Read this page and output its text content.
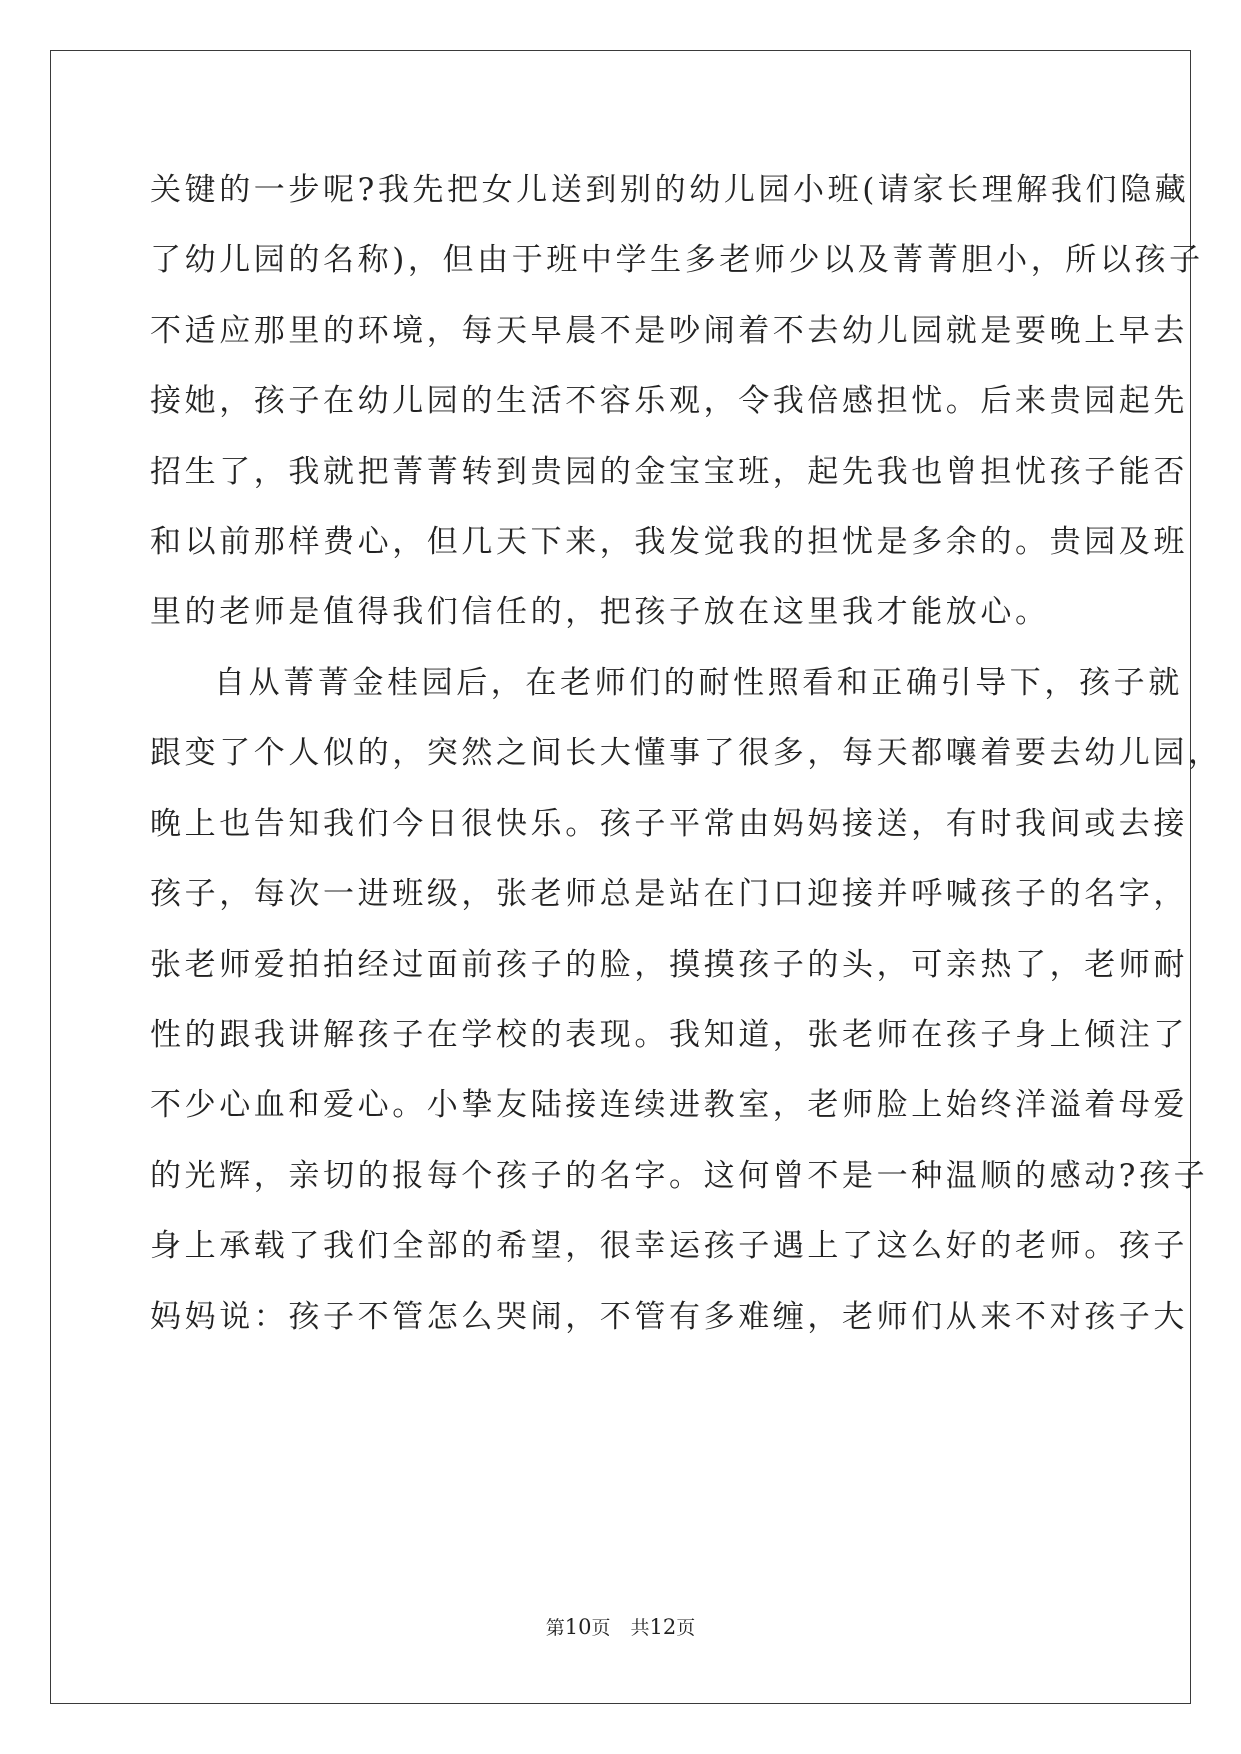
关键的一步呢?我先把女儿送到别的幼儿园小班(请家长理解我们隐藏
了幼儿园的名称)，但由于班中学生多老师少以及菁菁胆小，所以孩子
不适应那里的环境，每天早晨不是吵闹着不去幼儿园就是要晚上早去
接她，孩子在幼儿园的生活不容乐观，令我倍感担忧。后来贵园起先
招生了，我就把菁菁转到贵园的金宝宝班，起先我也曾担忧孩子能否
和以前那样费心，但几天下来，我发觉我的担忧是多余的。贵园及班
里的老师是值得我们信任的，把孩子放在这里我才能放心。
自从菁菁金桂园后，在老师们的耐性照看和正确引导下，孩子就
跟变了个人似的，突然之间长大懂事了很多，每天都嚷着要去幼儿园，
晚上也告知我们今日很快乐。孩子平常由妈妈接送，有时我间或去接
孩子，每次一进班级，张老师总是站在门口迎接并呼喊孩子的名字，
张老师爱拍拍经过面前孩子的脸，摸摸孩子的头，可亲热了，老师耐
性的跟我讲解孩子在学校的表现。我知道，张老师在孩子身上倾注了
不少心血和爱心。小挚友陆接连续进教室，老师脸上始终洋溢着母爱
的光辉，亲切的报每个孩子的名字。这何曾不是一种温顺的感动?孩子
身上承载了我们全部的希望，很幸运孩子遇上了这么好的老师。孩子
妈妈说：孩子不管怎么哭闹，不管有多难缠，老师们从来不对孩子大
第10页 共12页
